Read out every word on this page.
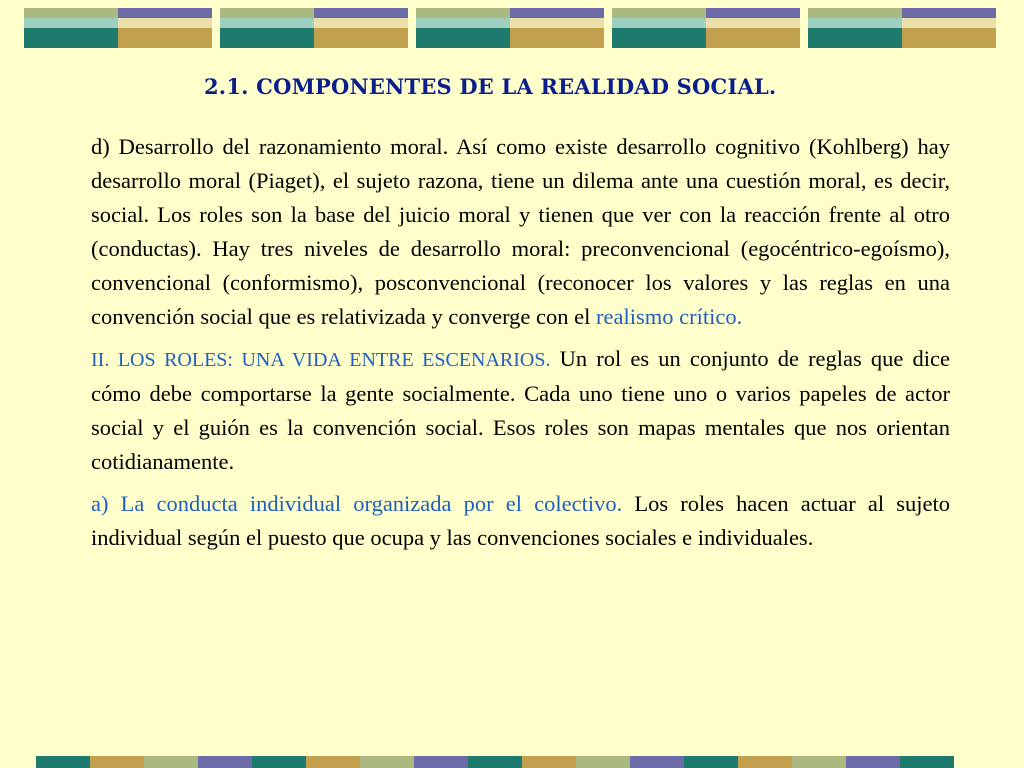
2.1. COMPONENTES DE LA REALIDAD SOCIAL.

d) Desarrollo del razonamiento moral. Así como existe desarrollo cognitivo (Kohlberg) hay desarrollo moral (Piaget), el sujeto razona, tiene un dilema ante una cuestión moral, es decir, social. Los roles son la base del juicio moral y tienen que ver con la reacción frente al otro (conductas). Hay tres niveles de desarrollo moral: preconvencional (egocéntrico-egoísmo), convencional (conformismo), posconvencional (reconocer los valores y las reglas en una convención social que es relativizada y converge con el realismo crítico.

II. LOS ROLES: UNA VIDA ENTRE ESCENARIOS. Un rol es un conjunto de reglas que dice cómo debe comportarse la gente socialmente. Cada uno tiene uno o varios papeles de actor social y el guión es la convención social. Esos roles son mapas mentales que nos orientan cotidianamente.

a) La conducta individual organizada por el colectivo. Los roles hacen actuar al sujeto individual según el puesto que ocupa y las convenciones sociales e individuales.
